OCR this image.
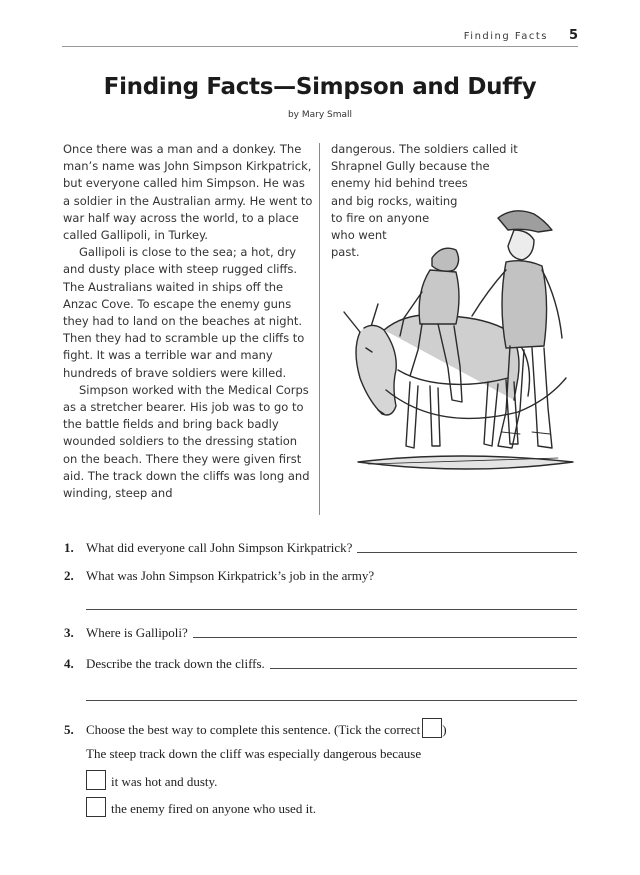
Finding Facts 5
Finding Facts—Simpson and Duffy
by Mary Small

Once there was a man and a donkey. The man’s name was John Simpson Kirkpatrick, but everyone called him Simpson. He was a soldier in the Australian army. He went to war half way across the world, to a place called Gallipoli, in Turkey.

Gallipoli is close to the sea; a hot, dry and dusty place with steep rugged cliffs. The Australians waited in ships off the Anzac Cove. To escape the enemy guns they had to land on the beaches at night. Then they had to scramble up the cliffs to fight. It was a terrible war and many hundreds of brave soldiers were killed.

Simpson worked with the Medical Corps as a stretcher bearer. His job was to go to the battle fields and bring back badly wounded soldiers to the dressing station on the beach. There they were given first aid. The track down the cliffs was long and winding, steep and

dangerous. The soldiers called it

Shrapnel Gully because the

enemy hid behind trees

and big rocks, waiting

to fire on anyone

who went

past.

1. What did everyone call John Simpson Kirkpatrick?
2. What was John Simpson Kirkpatrick’s job in the army?
3. Where is Gallipoli?
4. Describe the track down the cliffs.
5. Choose the best way to complete this sentence. (Tick the correct )
The steep track down the cliff was especially dangerous because
it was hot and dusty.
the enemy fired on anyone who used it.
